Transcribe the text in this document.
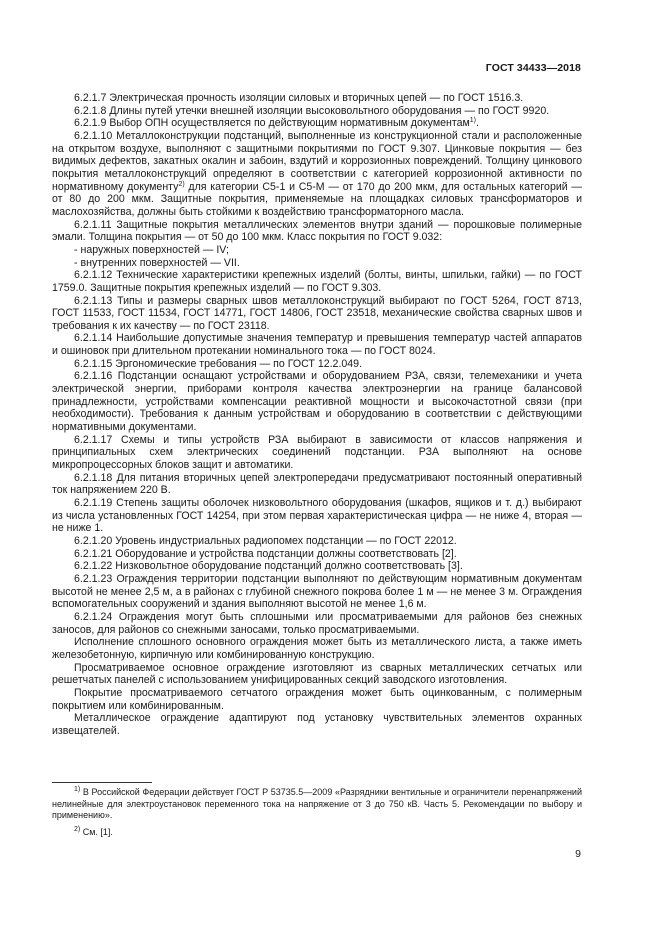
ГОСТ 34433—2018

6.2.1.7 Электрическая прочность изоляции силовых и вторичных цепей — по ГОСТ 1516.3.

6.2.1.8 Длины путей утечки внешней изоляции высоковольтного оборудования — по ГОСТ 9920.

6.2.1.9 Выбор ОПН осуществляется по действующим нормативным документам$^{1)}$.

6.2.1.10 Металлоконструкции подстанций, выполненные из конструкционной стали и расположенные на открытом воздухе, выполняют с защитными покрытиями по ГОСТ 9.307. Цинковые покрытия — без видимых дефектов, закатных окалин и забоин, вздутий и коррозионных повреждений. Толщину цинкового покрытия металлоконструкций определяют в соответствии с категорией коррозионной активности по нормативному документу$^{2)}$ для категории С5-1 и С5-М — от 170 до 200 мкм, для остальных категорий — от 80 до 200 мкм. Защитные покрытия, применяемые на площадках силовых трансформаторов и маслохозяйства, должны быть стойкими к воздействию трансформаторного масла.

6.2.1.11 Защитные покрытия металлических элементов внутри зданий — порошковые полимерные эмали. Толщина покрытия — от 50 до 100 мкм. Класс покрытия по ГОСТ 9.032:

- наружных поверхностей — IV;

- внутренних поверхностей — VII.

6.2.1.12 Технические характеристики крепежных изделий (болты, винты, шпильки, гайки) — по ГОСТ 1759.0. Защитные покрытия крепежных изделий — по ГОСТ 9.303.

6.2.1.13 Типы и размеры сварных швов металлоконструкций выбирают по ГОСТ 5264, ГОСТ 8713, ГОСТ 11533, ГОСТ 11534, ГОСТ 14771, ГОСТ 14806, ГОСТ 23518, механические свойства сварных швов и требования к их качеству — по ГОСТ 23118.

6.2.1.14 Наибольшие допустимые значения температур и превышения температур частей аппаратов и ошиновок при длительном протекании номинального тока — по ГОСТ 8024.

6.2.1.15 Эргономические требования — по ГОСТ 12.2.049.

6.2.1.16 Подстанции оснащают устройствами и оборудованием РЗА, связи, телемеханики и учета электрической энергии, приборами контроля качества электроэнергии на границе балансовой принадлежности, устройствами компенсации реактивной мощности и высокочастотной связи (при необходимости). Требования к данным устройствам и оборудованию в соответствии с действующими нормативными документами.

6.2.1.17 Схемы и типы устройств РЗА выбирают в зависимости от классов напряжения и принципиальных схем электрических соединений подстанции. РЗА выполняют на основе микропроцессорных блоков защит и автоматики.

6.2.1.18 Для питания вторичных цепей электропередачи предусматривают постоянный оперативный ток напряжением 220 В.

6.2.1.19 Степень защиты оболочек низковольтного оборудования (шкафов, ящиков и т. д.) выбирают из числа установленных ГОСТ 14254, при этом первая характеристическая цифра — не ниже 4, вторая — не ниже 1.

6.2.1.20 Уровень индустриальных радиопомех подстанции — по ГОСТ 22012.

6.2.1.21 Оборудование и устройства подстанции должны соответствовать [2].

6.2.1.22 Низковольтное оборудование подстанций должно соответствовать [3].

6.2.1.23 Ограждения территории подстанции выполняют по действующим нормативным документам высотой не менее 2,5 м, а в районах с глубиной снежного покрова более 1 м — не менее 3 м. Ограждения вспомогательных сооружений и здания выполняют высотой не менее 1,6 м.

6.2.1.24 Ограждения могут быть сплошными или просматриваемыми для районов без снежных заносов, для районов со снежными заносами, только просматриваемыми.

Исполнение сплошного основного ограждения может быть из металлического листа, а также иметь железобетонную, кирпичную или комбинированную конструкцию.

Просматриваемое основное ограждение изготовляют из сварных металлических сетчатых или решетчатых панелей с использованием унифицированных секций заводского изготовления.

Покрытие просматриваемого сетчатого ограждения может быть оцинкованным, с полимерным покрытием или комбинированным.

Металлическое ограждение адаптируют под установку чувствительных элементов охранных извещателей.

$^{1)}$ В Российской Федерации действует ГОСТ Р 53735.5—2009 «Разрядники вентильные и ограничители перенапряжений нелинейные для электроустановок переменного тока на напряжение от 3 до 750 кВ. Часть 5. Рекомендации по выбору и применению».

$^{2)}$ См. [1].

9
